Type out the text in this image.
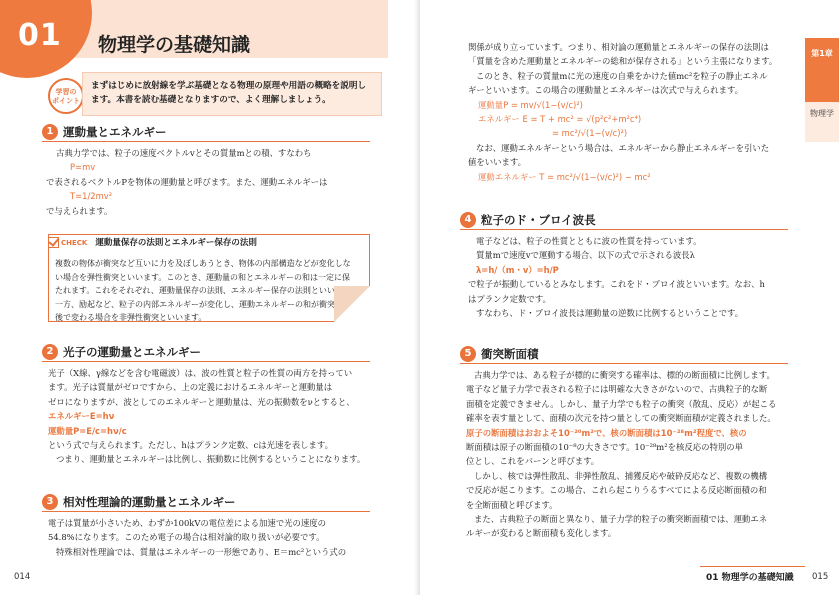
01 物理学の基礎知識
学習の
ポイント
まずはじめに放射線を学ぶ基礎となる物理の原理や用語の概略を説明し
ます。本書を読む基礎となりますので、よく理解しましょう。
1 運動量とエネルギー
古典力学では、粒子の速度ベクトルvとその質量mとの積、すなわち
P=mv
で表されるベクトルPを物体の運動量と呼びます。また、運動エネルギーは
T=1/2mv²
で与えられます。
複数の物体が衝突など互いに力を及ぼしあうとき、物体の内部構造などが変化しな
い場合を弾性衝突といいます。このとき、運動量の和とエネルギーの和は一定に保
たれます。これをそれぞれ、運動量保存の法則、エネルギー保存の法則といいます。
一方、励起など、粒子の内部エネルギーが変化し、運動エネルギーの和が衝突の前
後で変わる場合を非弾性衝突といいます。
CHECK 運動量保存の法則とエネルギー保存の法則
2 光子の運動量とエネルギー
光子（X線、γ線などを含む電磁波）は、波の性質と粒子の性質の両方を持ってい
ます。光子は質量がゼロですから、上の定義におけるエネルギーと運動量は
ゼロになりますが、波としてのエネルギーと運動量は、光の振動数をνとすると、
エネルギーE=hν
運動量P=E/c=hν/c
という式で与えられます。ただし、hはプランク定数、cは光速を表します。
つまり、運動量とエネルギーは比例し、振動数に比例するということになります。
3 相対性理論的運動量とエネルギー
電子は質量が小さいため、わずか100kVの電位差による加速で光の速度の
54.8%になります。このため電子の場合は相対論的取り扱いが必要です。
特殊相対性理論では、質量はエネルギーの一形態であり、E＝mc²という式の
014
関係が成り立っています。つまり、相対論の運動量とエネルギーの保存の法則は
「質量を含めた運動量とエネルギーの総和が保存される」という主張になります。
このとき、粒子の質量mに光の速度の自乗をかけた値mc²を粒子の静止エネル
ギーといいます。この場合の運動量とエネルギーは次式で与えられます。
運動量P = mv/√(1−(v/c)²)
エネルギー E = T + mc² = √(p²c²+m²c⁴)
= mc²/√(1−(v/c)²)
なお、運動エネルギーという場合は、エネルギーから静止エネルギーを引いた
値をいいます。
運動エネルギー T = mc²/√(1−(v/c)²) − mc²
4 粒子のド・ブロイ波長
電子などは、粒子の性質とともに波の性質を持っています。
質量mで速度vで運動する場合、以下の式で示される波長λ
λ=h/（m・v）=h/P
で粒子が振動しているとみなします。これをド・ブロイ波といいます。なお、h
はプランク定数です。
すなわち、ド・ブロイ波長は運動量の逆数に比例するということです。
5 衝突断面積
古典力学では、ある粒子が標的に衝突する確率は、標的の断面積に比例します。
電子など量子力学で表される粒子には明確な大きさがないので、古典粒子的な断
面積を定義できません。しかし、量子力学でも粒子の衝突（散乱、反応）が起こる
確率を表す量として、面積の次元を持つ量としての衝突断面積が定義されました。
原子の断面積はおおよそ10⁻²⁰m²で、核の断面積は10⁻²⁸m²程度で、核の
断面積は原子の断面積の10⁻⁸の大きさです。10⁻²⁸m²を核反応の特別の単
位とし、これをバーンと呼びます。
しかし、核では弾性散乱、非弾性散乱、捕獲反応や破砕反応など、複数の機構
で反応が起こります。この場合、これら起こりうるすべてによる反応断面積の和
を全断面積と呼びます。
また、古典粒子の断面と異なり、量子力学的粒子の衝突断面積では、運動エネ
ルギーが変わると断面積も変化します。
第1章
物理学
01 物理学の基礎知識 015
